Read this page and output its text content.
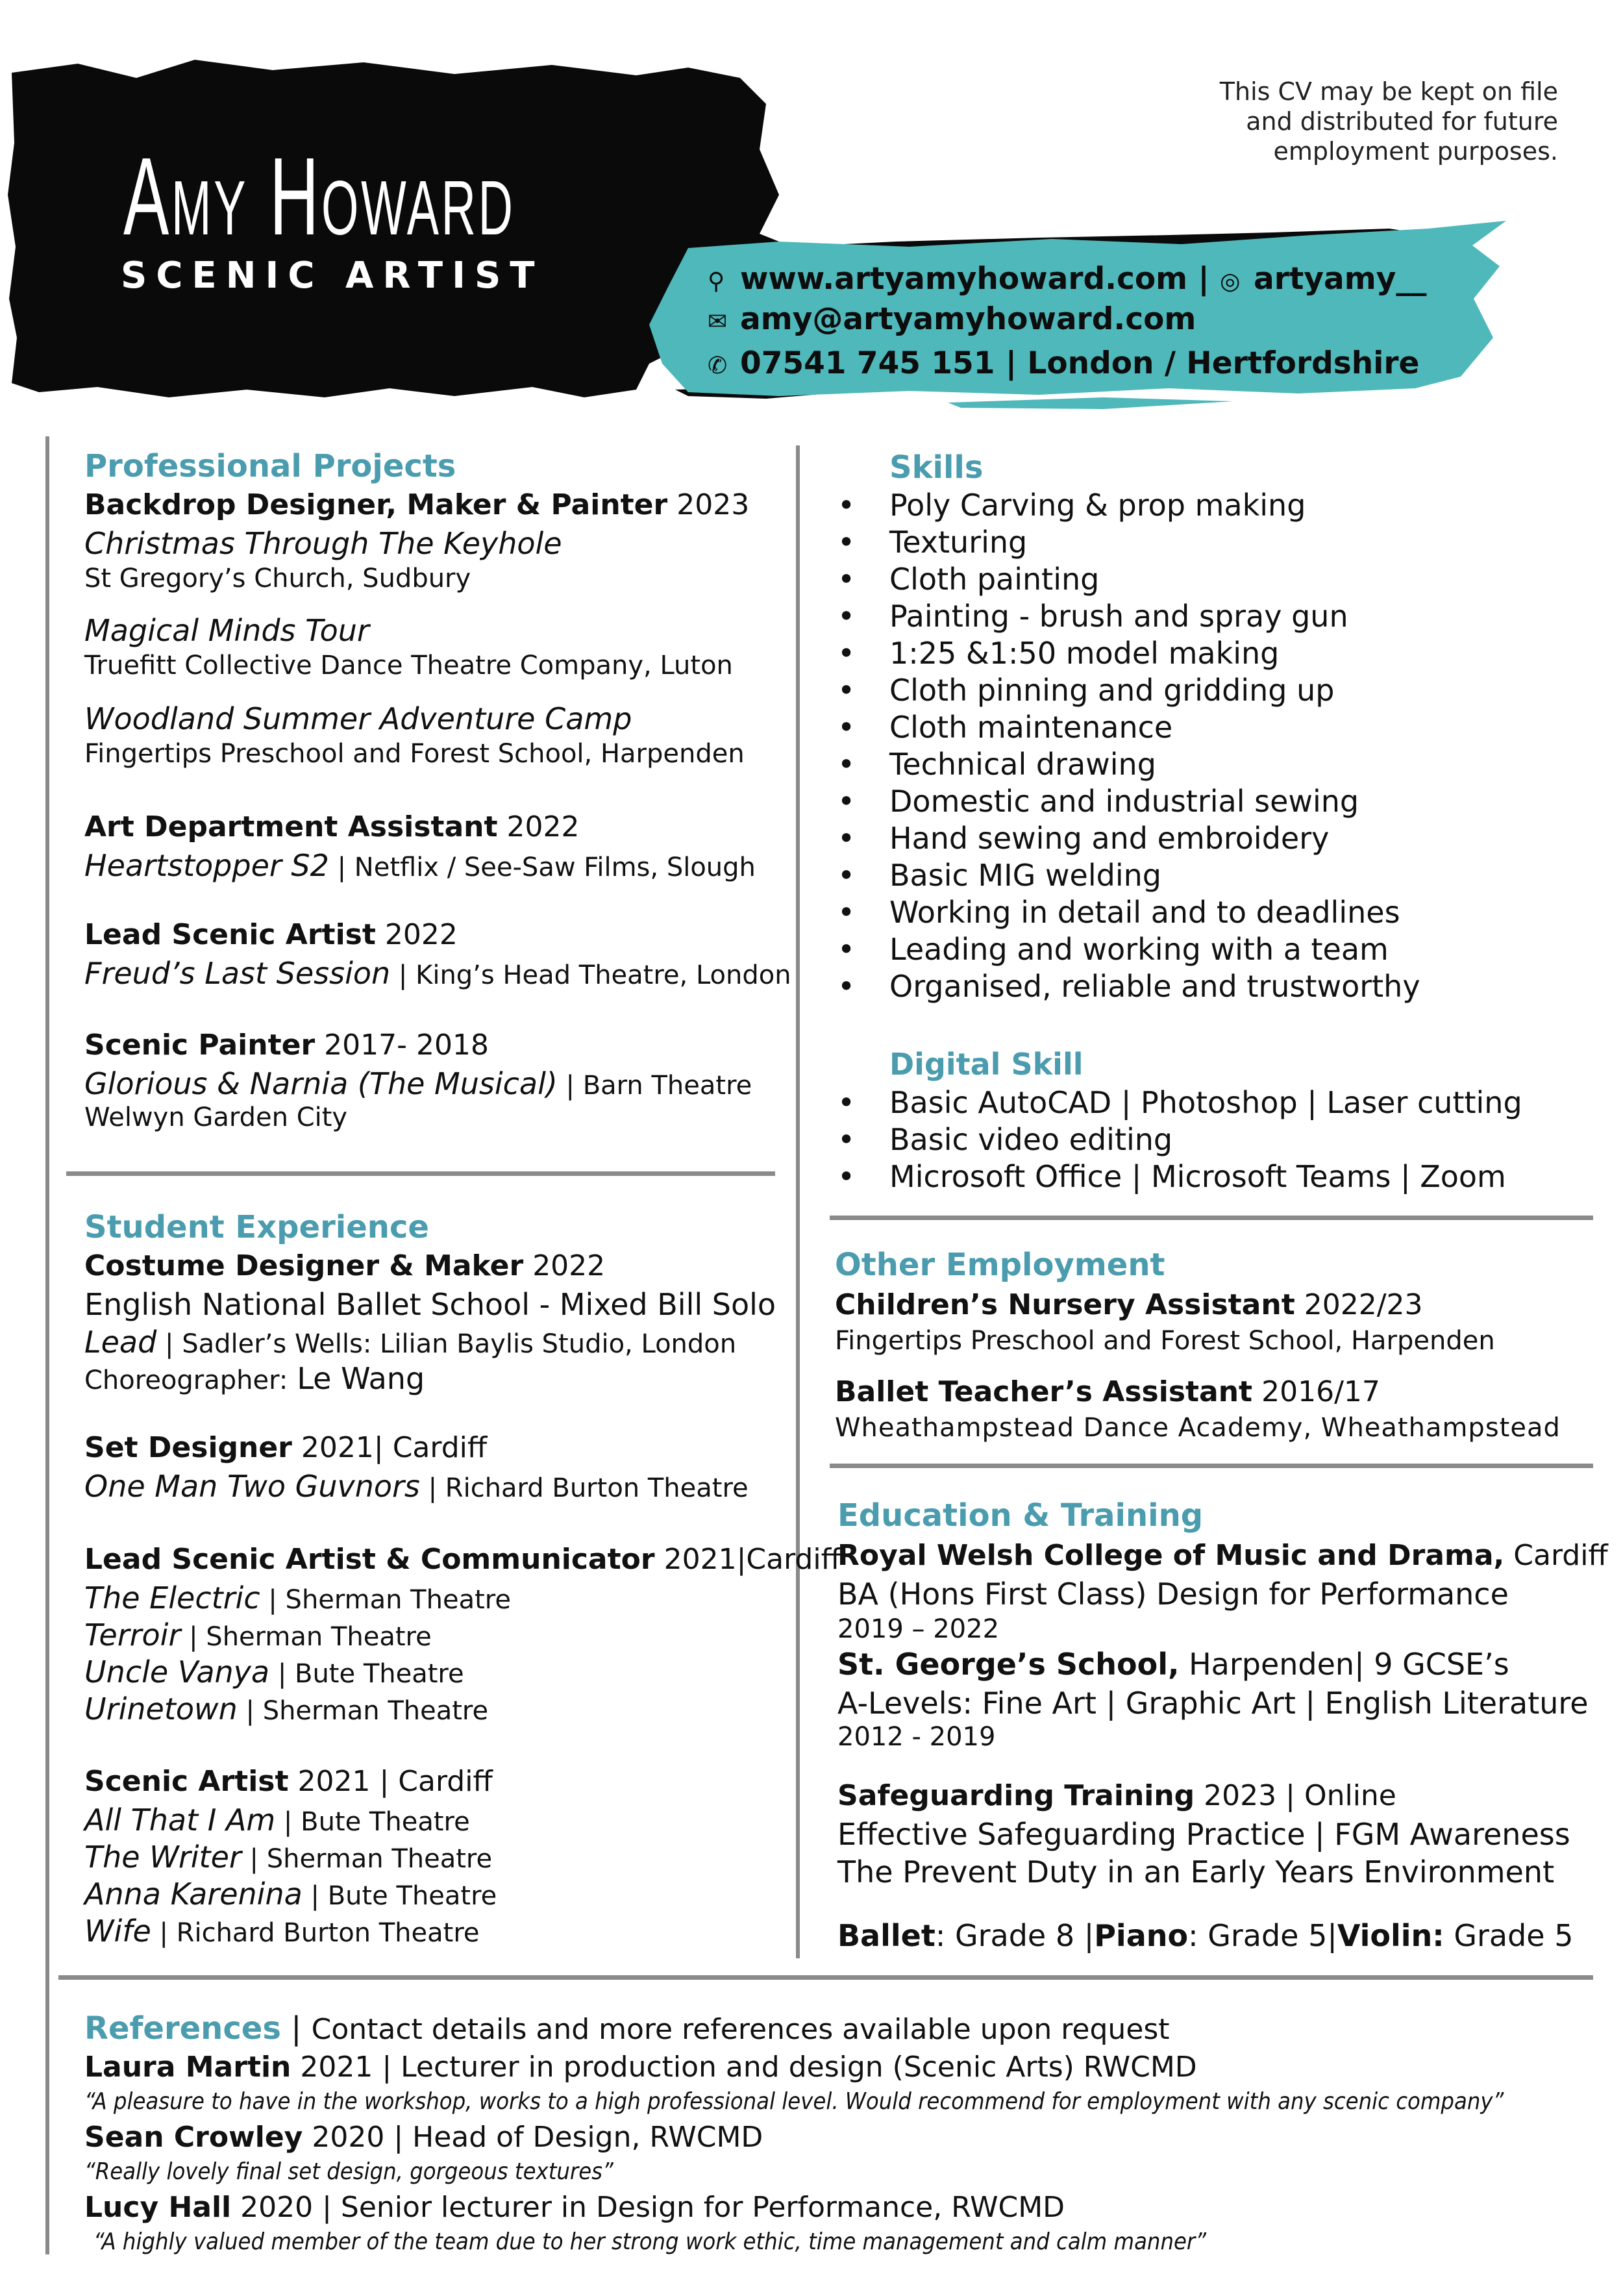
Amy Howard
SCENIC ARTIST
This CV may be kept on file
and distributed for future
employment purposes.
⚲ www.artyamyhoward.com | ◎ artyamy__
✉ amy@artyamyhoward.com
✆ 07541 745 151 | London / Hertfordshire
Professional Projects
Backdrop Designer, Maker & Painter 2023
Christmas Through The Keyhole
St Gregory’s Church, Sudbury
Magical Minds Tour
Truefitt Collective Dance Theatre Company, Luton
Woodland Summer Adventure Camp
Fingertips Preschool and Forest School, Harpenden
Art Department Assistant 2022
Heartstopper S2 | Netflix / See-Saw Films, Slough
Lead Scenic Artist 2022
Freud’s Last Session | King’s Head Theatre, London
Scenic Painter 2017- 2018
Glorious & Narnia (The Musical) | Barn Theatre
Welwyn Garden City
Student Experience
Costume Designer & Maker 2022
English National Ballet School - Mixed Bill Solo
Lead | Sadler’s Wells: Lilian Baylis Studio, London
Choreographer: Le Wang
Set Designer 2021| Cardiff
One Man Two Guvnors | Richard Burton Theatre
Lead Scenic Artist & Communicator 2021|Cardiff
The Electric | Sherman Theatre
Terroir | Sherman Theatre
Uncle Vanya | Bute Theatre
Urinetown | Sherman Theatre
Scenic Artist 2021 | Cardiff
All That I Am | Bute Theatre
The Writer | Sherman Theatre
Anna Karenina | Bute Theatre
Wife | Richard Burton Theatre
Skills
• Poly Carving & prop making
• Texturing
• Cloth painting
• Painting - brush and spray gun
• 1:25 &1:50 model making
• Cloth pinning and gridding up
• Cloth maintenance
• Technical drawing
• Domestic and industrial sewing
• Hand sewing and embroidery
• Basic MIG welding
• Working in detail and to deadlines
• Leading and working with a team
• Organised, reliable and trustworthy
Digital Skill
• Basic AutoCAD | Photoshop | Laser cutting
• Basic video editing
• Microsoft Office | Microsoft Teams | Zoom
Other Employment
Children’s Nursery Assistant 2022/23
Fingertips Preschool and Forest School, Harpenden
Ballet Teacher’s Assistant 2016/17
Wheathampstead Dance Academy, Wheathampstead
Education & Training
Royal Welsh College of Music and Drama, Cardiff
BA (Hons First Class) Design for Performance
2019 – 2022
St. George’s School, Harpenden| 9 GCSE’s
A-Levels: Fine Art | Graphic Art | English Literature
2012 - 2019
Safeguarding Training 2023 | Online
Effective Safeguarding Practice | FGM Awareness
The Prevent Duty in an Early Years Environment
Ballet: Grade 8 |Piano: Grade 5|Violin: Grade 5
References | Contact details and more references available upon request
Laura Martin 2021 | Lecturer in production and design (Scenic Arts) RWCMD
“A pleasure to have in the workshop, works to a high professional level. Would recommend for employment with any scenic company”
Sean Crowley 2020 | Head of Design, RWCMD
“Really lovely final set design, gorgeous textures”
Lucy Hall 2020 | Senior lecturer in Design for Performance, RWCMD
“A highly valued member of the team due to her strong work ethic, time management and calm manner”
